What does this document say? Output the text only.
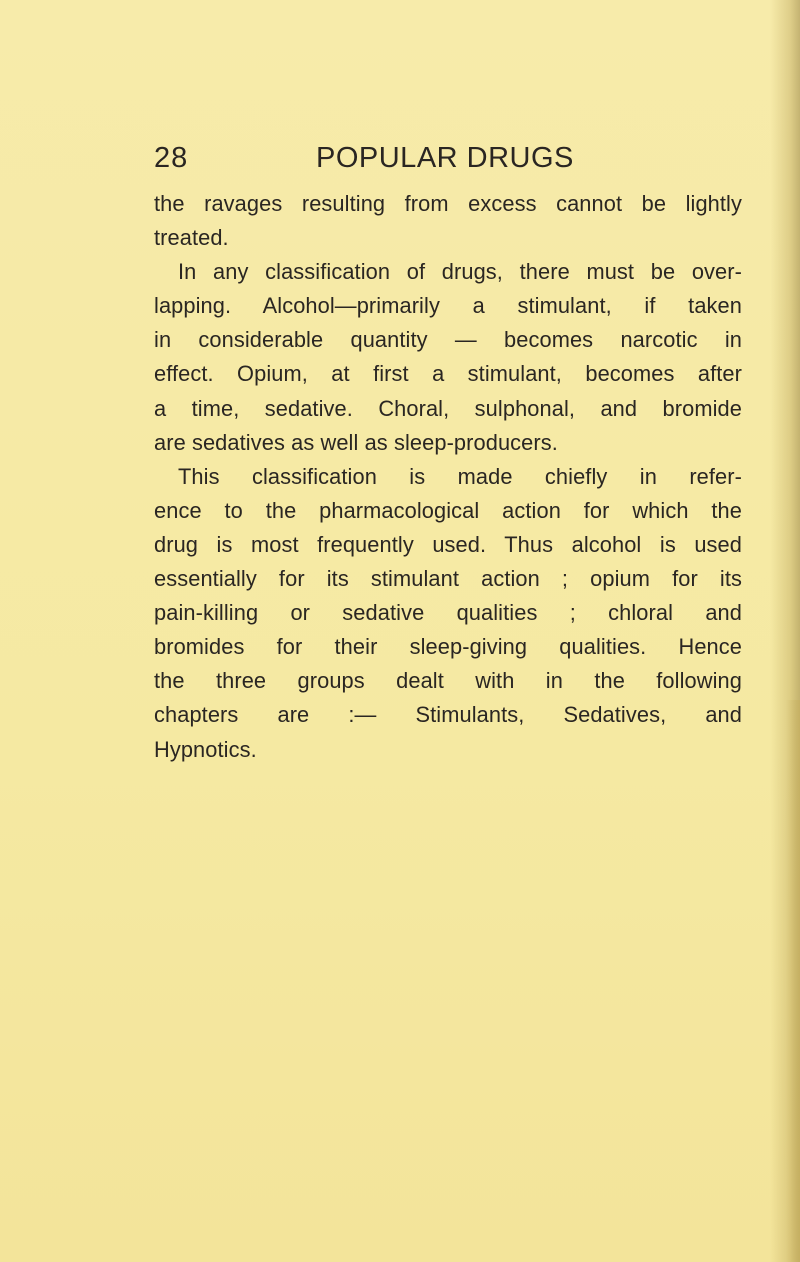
28	POPULAR DRUGS
the ravages resulting from excess cannot be lightly
treated.
In any classification of drugs, there must be over-
lapping. Alcohol—primarily a stimulant, if taken
in considerable quantity — becomes narcotic in
effect. Opium, at first a stimulant, becomes after
a time, sedative. Choral, sulphonal, and bromide
are sedatives as well as sleep-producers.
This classification is made chiefly in refer-
ence to the pharmacological action for which the
drug is most frequently used. Thus alcohol is used
essentially for its stimulant action ; opium for its
pain-killing or sedative qualities ; chloral and
bromides for their sleep-giving qualities. Hence
the three groups dealt with in the following
chapters are :— Stimulants, Sedatives, and
Hypnotics.
